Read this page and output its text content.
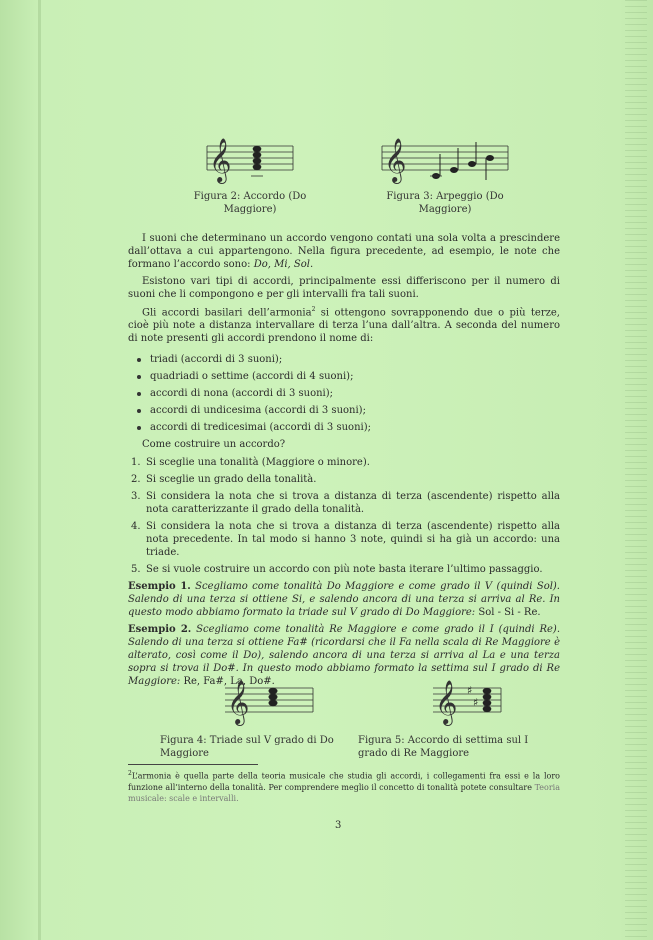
𝄞
Figura 2: Accordo (Do Maggiore)
𝄞
Figura 3: Arpeggio (Do Maggiore)

I suoni che determinano un accordo vengono contati una sola volta a prescindere dall’ottava a cui appartengono. Nella figura precedente, ad esempio, le note che formano l’accordo sono: Do, Mi, Sol.

Esistono vari tipi di accordi, principalmente essi differiscono per il numero di suoni che li compongono e per gli intervalli fra tali suoni.

Gli accordi basilari dell’armonia$^2$ si ottengono sovrapponendo due o più terze, cioè più note a distanza intervallare di terza l’una dall’altra. A seconda del numero di note presenti gli accordi prendono il nome di:

triadi (accordi di 3 suoni);
quadriadi o settime (accordi di 4 suoni);
accordi di nona (accordi di 3 suoni);
accordi di undicesima (accordi di 3 suoni);
accordi di tredicesimai (accordi di 3 suoni);

Come costruire un accordo?

1. Si sceglie una tonalità (Maggiore o minore).
2. Si sceglie un grado della tonalità.
3. Si considera la nota che si trova a distanza di terza (ascendente) rispetto alla nota caratterizzante il grado della tonalità.
4. Si considera la nota che si trova a distanza di terza (ascendente) rispetto alla nota precedente. In tal modo si hanno 3 note, quindi si ha già un accordo: una triade.
5. Se si vuole costruire un accordo con più note basta iterare l’ultimo passaggio.

Esempio 1. Scegliamo come tonalità Do Maggiore e come grado il V (quindi Sol). Salendo di una terza si ottiene Si, e salendo ancora di una terza si arriva al Re. In questo modo abbiamo formato la triade sul V grado di Do Maggiore: Sol - Si - Re.

Esempio 2. Scegliamo come tonalità Re Maggiore e come grado il I (quindi Re). Salendo di una terza si ottiene Fa# (ricordarsi che il Fa nella scala di Re Maggiore è alterato, così come il Do), salendo ancora di una terza si arriva al La e una terza sopra si trova il Do#. In questo modo abbiamo formato la settima sul I grado di Re Maggiore: Re, Fa#, La, Do#.

𝄞
Figura 4: Triade sul V grado di Do Maggiore
𝄞 ♯
♯
Figura 5: Accordo di settima sul I grado di Re Maggiore
$^2$L’armonia è quella parte della teoria musicale che studia gli accordi, i collegamenti fra essi e la loro funzione all’interno della tonalità. Per comprendere meglio il concetto di tonalità potete consultare Teoria musicale: scale e intervalli.
3
